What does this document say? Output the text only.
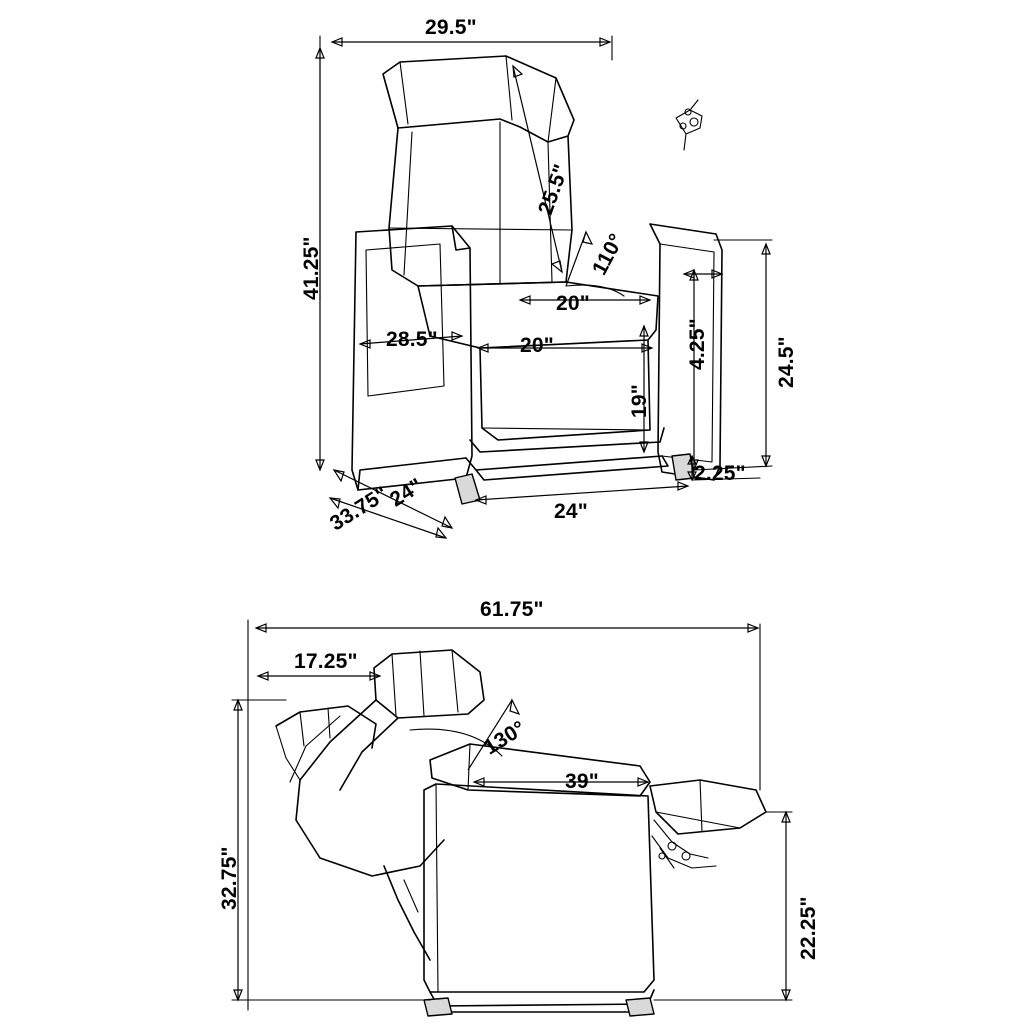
29.5"
41.25"
25.5"
110°
20"
20"	4.25"	24.5"
28.5"
19"
24"
33.75"	24"
2.25"
61.75"
17.25"
130°
39"
32.75"
22.25"
